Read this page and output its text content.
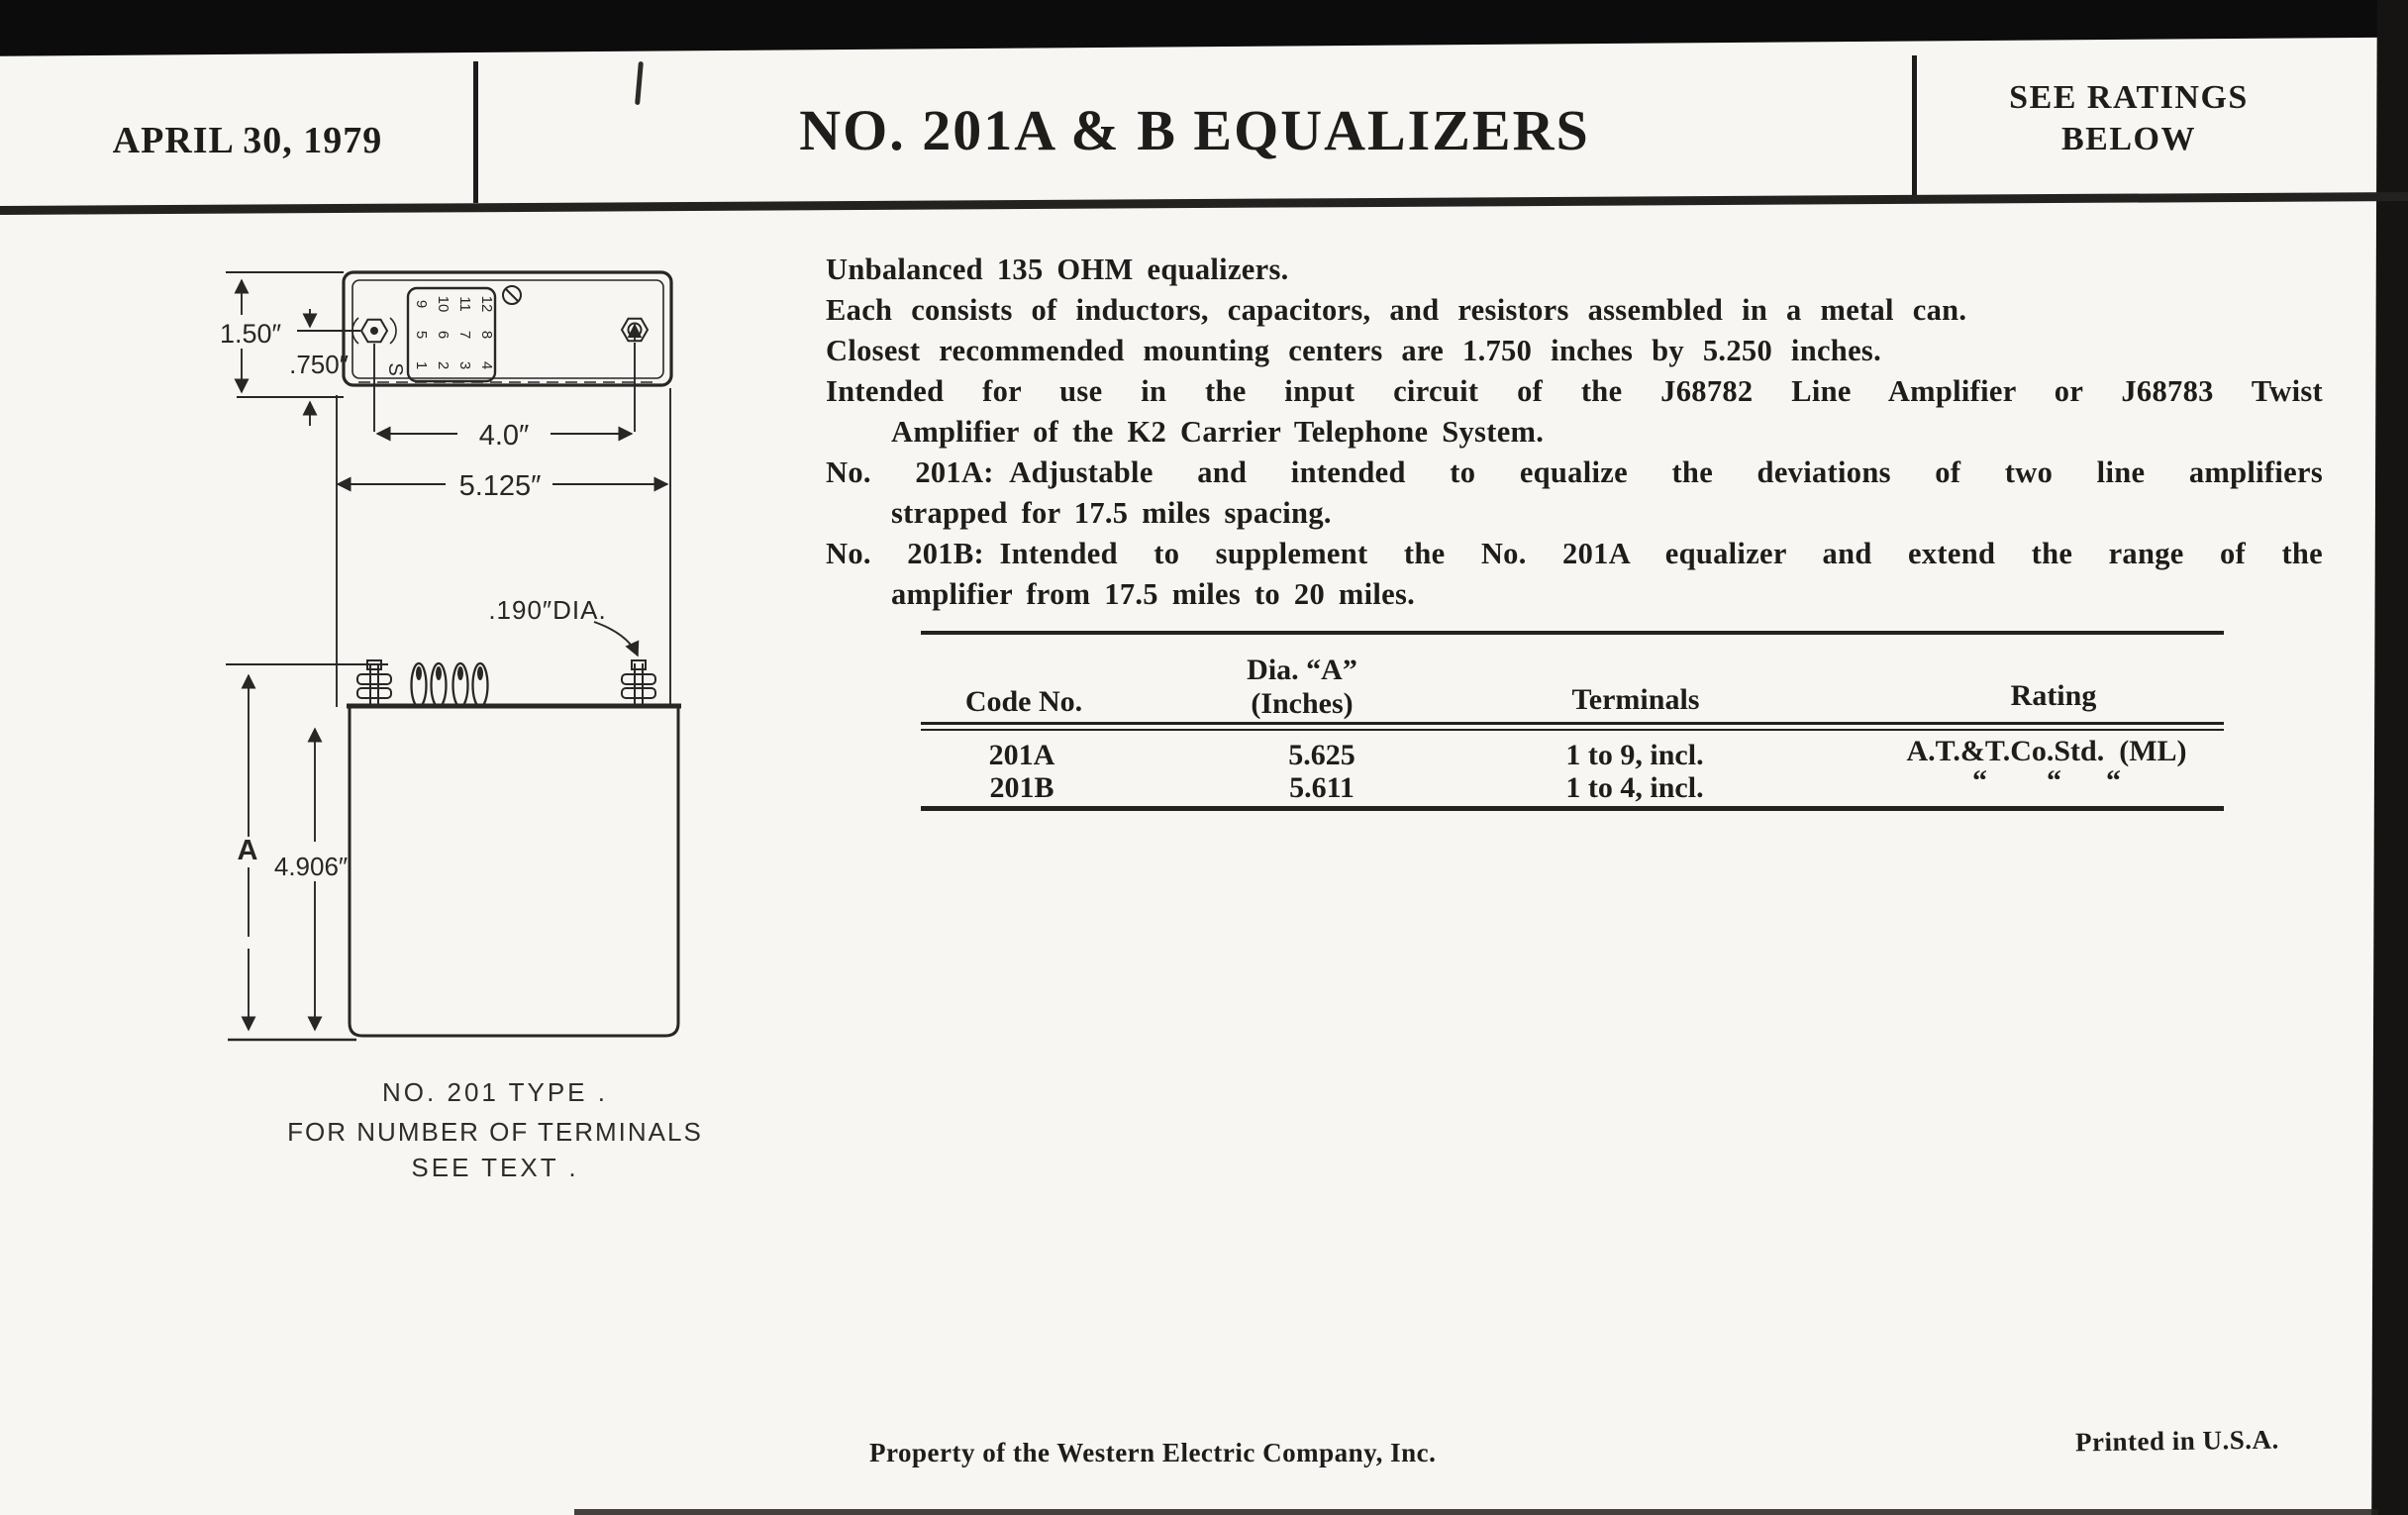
APRIL 30, 1979	NO. 201A & B EQUALIZERS
SEE RATINGS
BELOW
Unbalanced 135 OHM equalizers.
Each consists of inductors, capacitors, and resistors assembled in a metal can.
Closest recommended mounting centers are 1.750 inches by 5.250 inches.
Intended for use in the input circuit of the J68782 Line Amplifier or J68783 Twist
Amplifier of the K2 Carrier Telephone System.
No. 201A: Adjustable and intended to equalize the deviations of two line amplifiers
strapped for 17.5 miles spacing.
No. 201B: Intended to supplement the No. 201A equalizer and extend the range of the
amplifier from 17.5 miles to 20 miles.
Dia. “A”
Code No.	(Inches)	Terminals	Rating
201A	5.625	1 to 9, incl.	A.T.&T.Co.Std. (ML)
201B	5.611	1 to 4, incl.	“  “  “
1.50″
.750″
4.0″
5.125″
.190″DIA.
A 4.906″
9 10 11 12
5 6 7 8
1 2 3 4
S
NO. 201 TYPE .
FOR NUMBER OF TERMINALS
SEE TEXT .
Property of the Western Electric Company, Inc.	Printed in U.S.A.
